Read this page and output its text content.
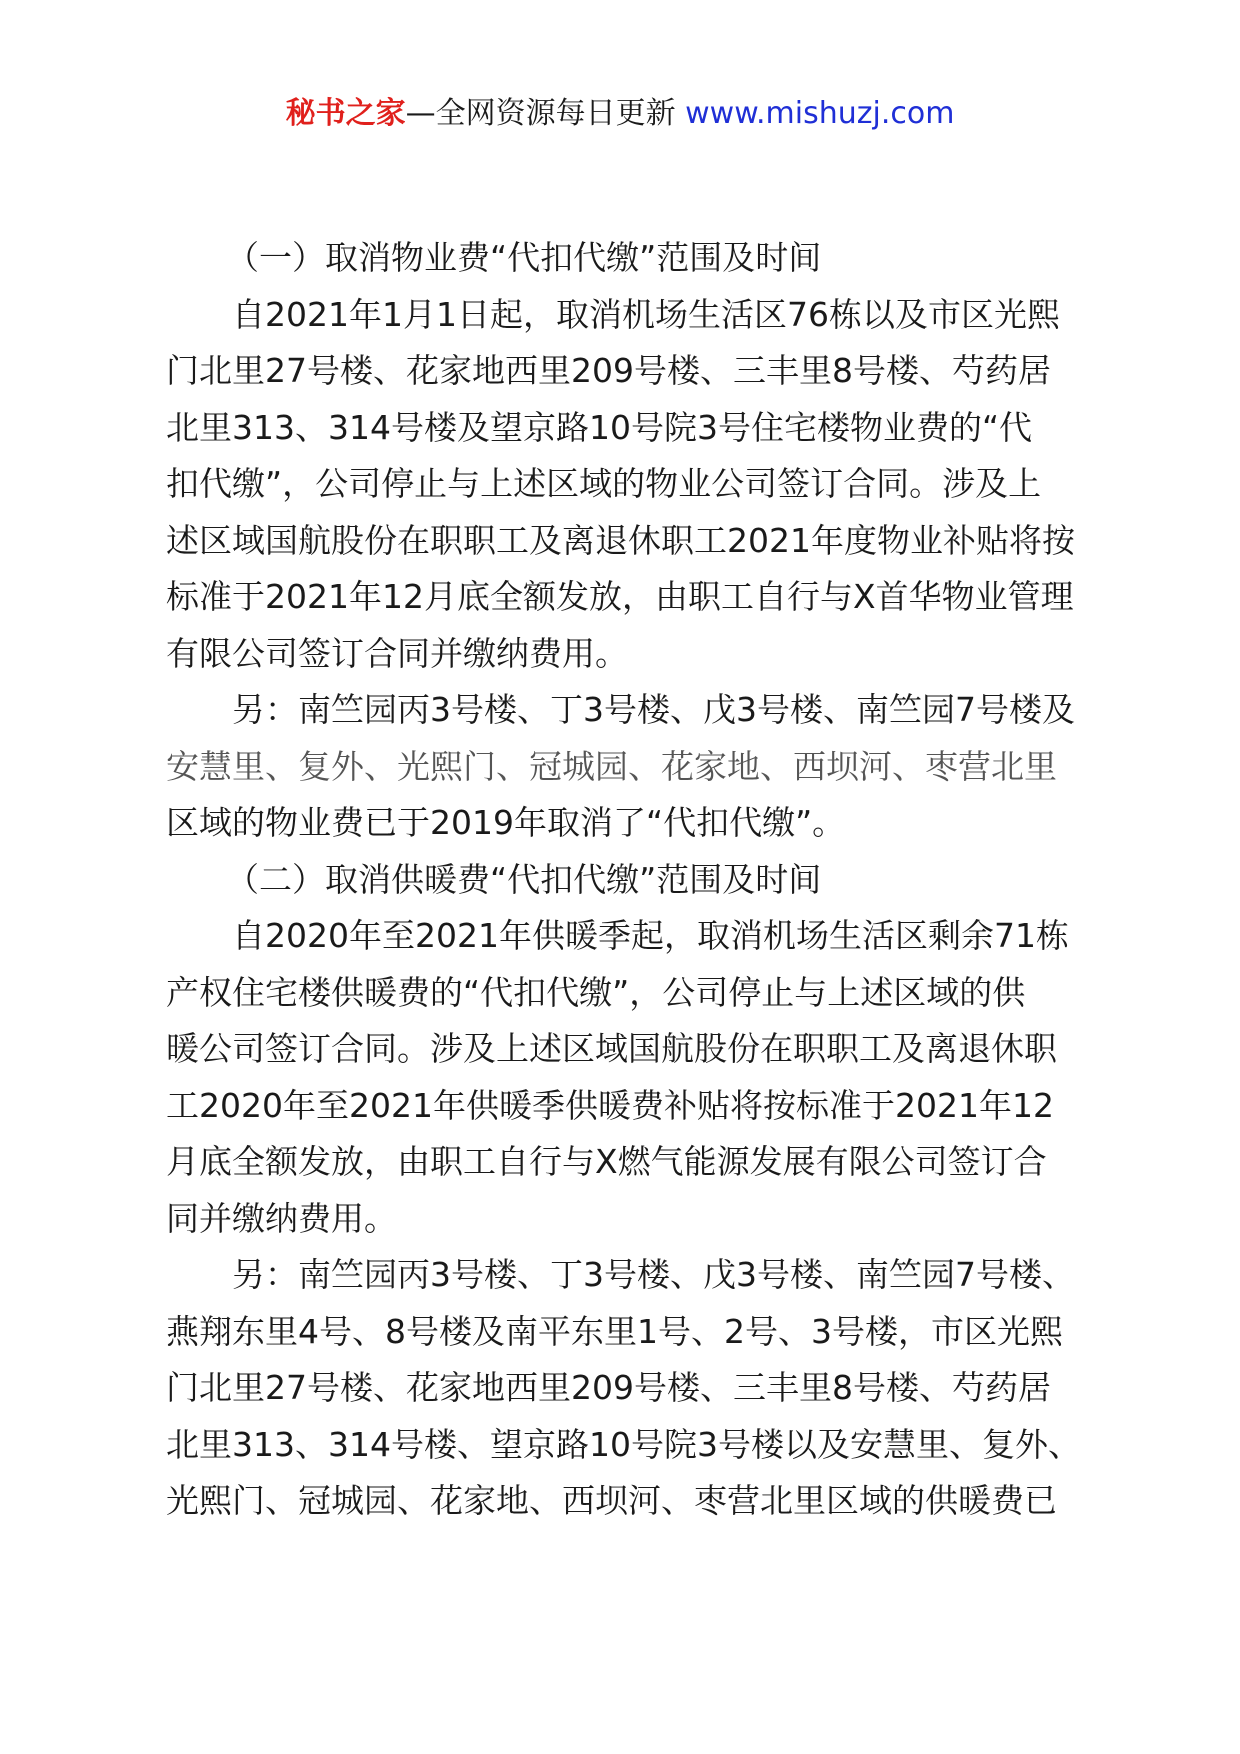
秘书之家—全网资源每日更新 www.mishuzj.com
（一）取消物业费“代扣代缴”范围及时间
自2021年1月1日起，取消机场生活区76栋以及市区光熙
门北里27号楼、花家地西里209号楼、三丰里8号楼、芍药居
北里313、314号楼及望京路10号院3号住宅楼物业费的“代
扣代缴”，公司停止与上述区域的物业公司签订合同。涉及上
述区域国航股份在职职工及离退休职工2021年度物业补贴将按
标准于2021年12月底全额发放，由职工自行与X首华物业管理
有限公司签订合同并缴纳费用。
另：南竺园丙3号楼、丁3号楼、戊3号楼、南竺园7号楼及
安慧里、复外、光熙门、冠城园、花家地、西坝河、枣营北里
区域的物业费已于2019年取消了“代扣代缴”。
（二）取消供暖费“代扣代缴”范围及时间
自2020年至2021年供暖季起，取消机场生活区剩余71栋
产权住宅楼供暖费的“代扣代缴”，公司停止与上述区域的供
暖公司签订合同。涉及上述区域国航股份在职职工及离退休职
工2020年至2021年供暖季供暖费补贴将按标准于2021年12
月底全额发放，由职工自行与X燃气能源发展有限公司签订合
同并缴纳费用。
另：南竺园丙3号楼、丁3号楼、戊3号楼、南竺园7号楼、
燕翔东里4号、8号楼及南平东里1号、2号、3号楼，市区光熙
门北里27号楼、花家地西里209号楼、三丰里8号楼、芍药居
北里313、314号楼、望京路10号院3号楼以及安慧里、复外、
光熙门、冠城园、花家地、西坝河、枣营北里区域的供暖费已
